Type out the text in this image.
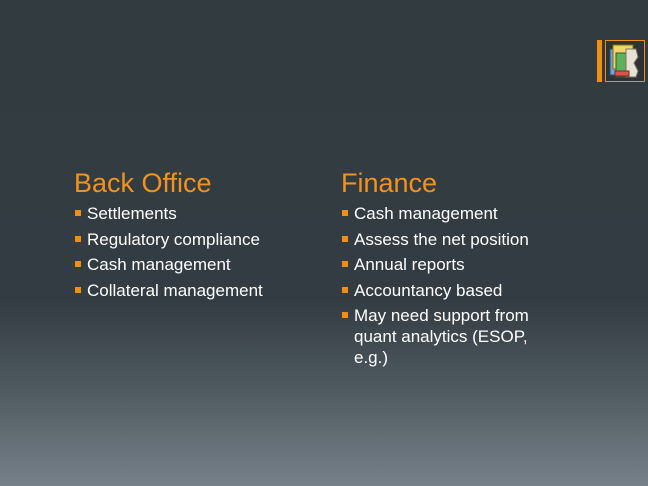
Back Office
Settlements
Regulatory compliance
Cash management
Collateral management
Finance
Cash management
Assess the net position
Annual reports
Accountancy based
May need support from quant analytics (ESOP, e.g.)
